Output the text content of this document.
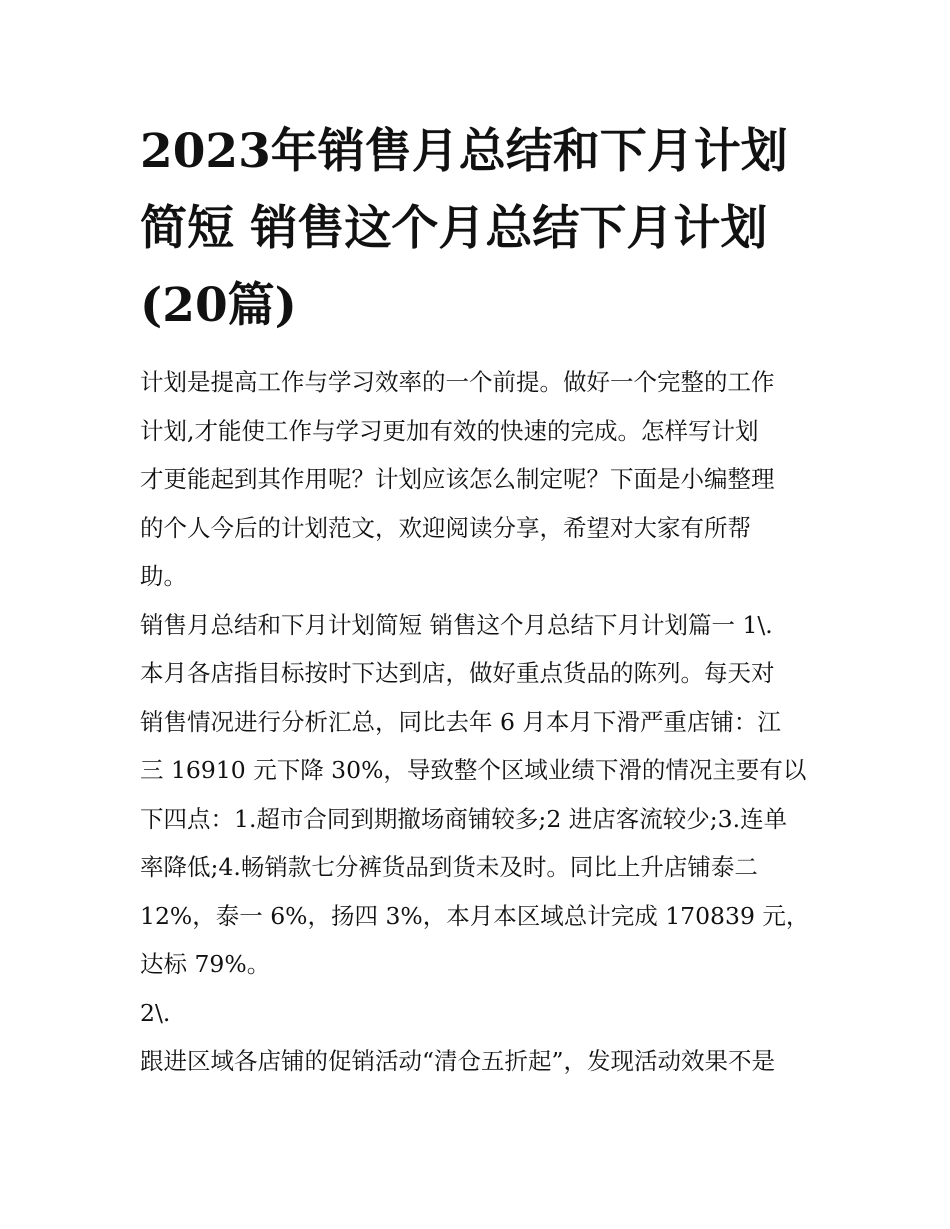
2023年销售月总结和下月计划
简短 销售这个月总结下月计划
(20篇)
计划是提高工作与学习效率的一个前提。做好一个完整的工作
计划,才能使工作与学习更加有效的快速的完成。怎样写计划
才更能起到其作用呢？计划应该怎么制定呢？下面是小编整理
的个人今后的计划范文，欢迎阅读分享，希望对大家有所帮
助。
销售月总结和下月计划简短 销售这个月总结下月计划篇一 1\.
本月各店指目标按时下达到店，做好重点货品的陈列。每天对
销售情况进行分析汇总，同比去年 6 月本月下滑严重店铺：江
三 16910 元下降 30%，导致整个区域业绩下滑的情况主要有以
下四点：1.超市合同到期撤场商铺较多;2 进店客流较少;3.连单
率降低;4.畅销款七分裤货品到货未及时。同比上升店铺泰二
12%，泰一 6%，扬四 3%，本月本区域总计完成 170839 元，
达标 79%。
2\.
跟进区域各店铺的促销活动“清仓五折起”，发现活动效果不是
